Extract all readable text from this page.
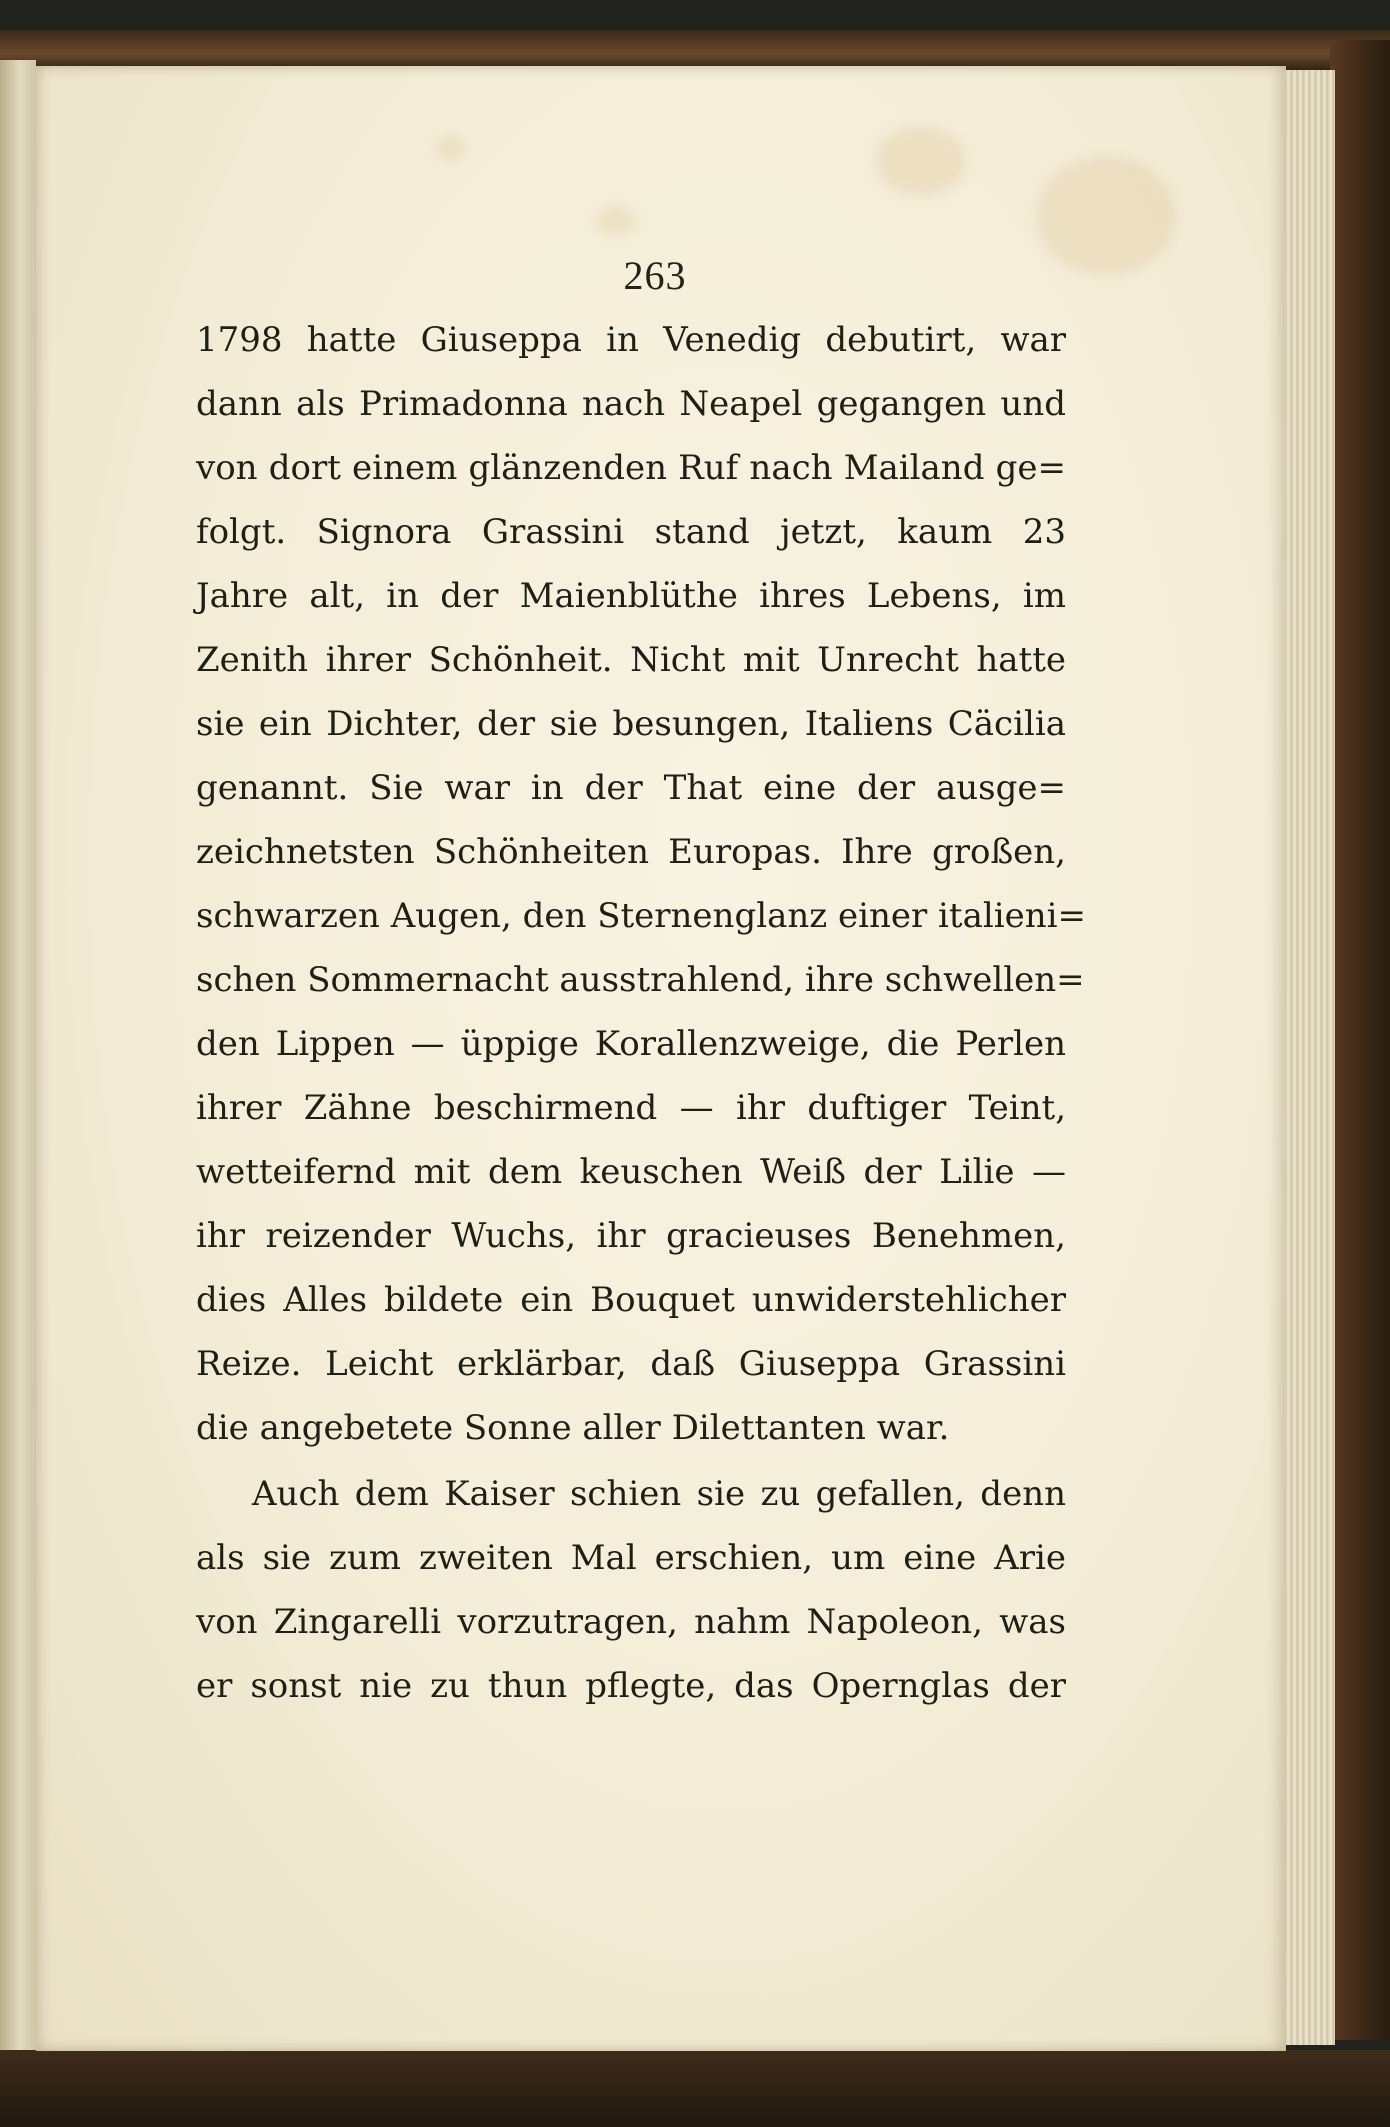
263
1798 hatte Giuseppa in Venedig debutirt, war
dann als Primadonna nach Neapel gegangen und
von dort einem glänzenden Ruf nach Mailand ge=
folgt. Signora Grassini stand jetzt, kaum 23
Jahre alt, in der Maienblüthe ihres Lebens, im
Zenith ihrer Schönheit. Nicht mit Unrecht hatte
sie ein Dichter, der sie besungen, Italiens Cäcilia
genannt. Sie war in der That eine der ausge=
zeichnetsten Schönheiten Europas. Ihre großen,
schwarzen Augen, den Sternenglanz einer italieni=
schen Sommernacht ausstrahlend, ihre schwellen=
den Lippen — üppige Korallenzweige, die Perlen
ihrer Zähne beschirmend — ihr duftiger Teint,
wetteifernd mit dem keuschen Weiß der Lilie —
ihr reizender Wuchs, ihr gracieuses Benehmen,
dies Alles bildete ein Bouquet unwiderstehlicher
Reize. Leicht erklärbar, daß Giuseppa Grassini
die angebetete Sonne aller Dilettanten war.
Auch dem Kaiser schien sie zu gefallen, denn
als sie zum zweiten Mal erschien, um eine Arie
von Zingarelli vorzutragen, nahm Napoleon, was
er sonst nie zu thun pflegte, das Opernglas der
